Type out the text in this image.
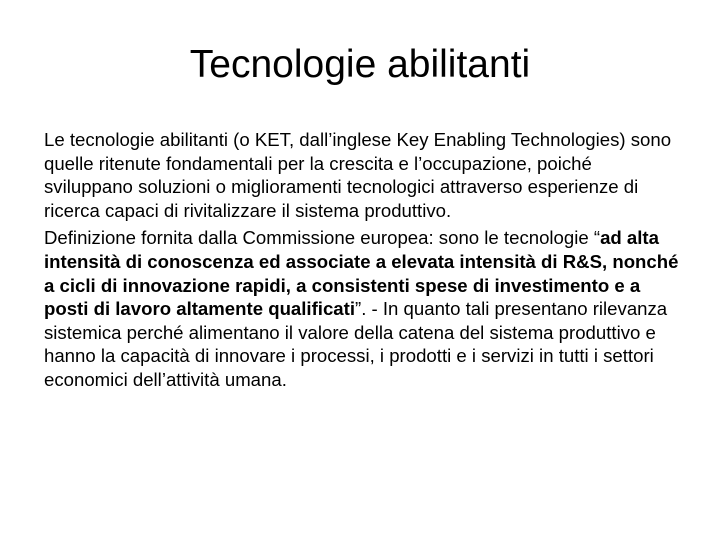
Tecnologie abilitanti

Le tecnologie abilitanti (o KET, dall’inglese Key Enabling Technologies) sono quelle ritenute fondamentali per la crescita e l’occupazione, poiché sviluppano soluzioni o miglioramenti tecnologici attraverso esperienze di ricerca capaci di rivitalizzare il sistema produttivo.

Definizione fornita dalla Commissione europea: sono le tecnologie “ad alta intensità di conoscenza ed associate a elevata intensità di R&S, nonché a cicli di innovazione rapidi, a consistenti spese di investimento e a posti di lavoro altamente qualificati”. - In quanto tali presentano rilevanza sistemica perché alimentano il valore della catena del sistema produttivo e hanno la capacità di innovare i processi, i prodotti e i servizi in tutti i settori economici dell’attività umana.
